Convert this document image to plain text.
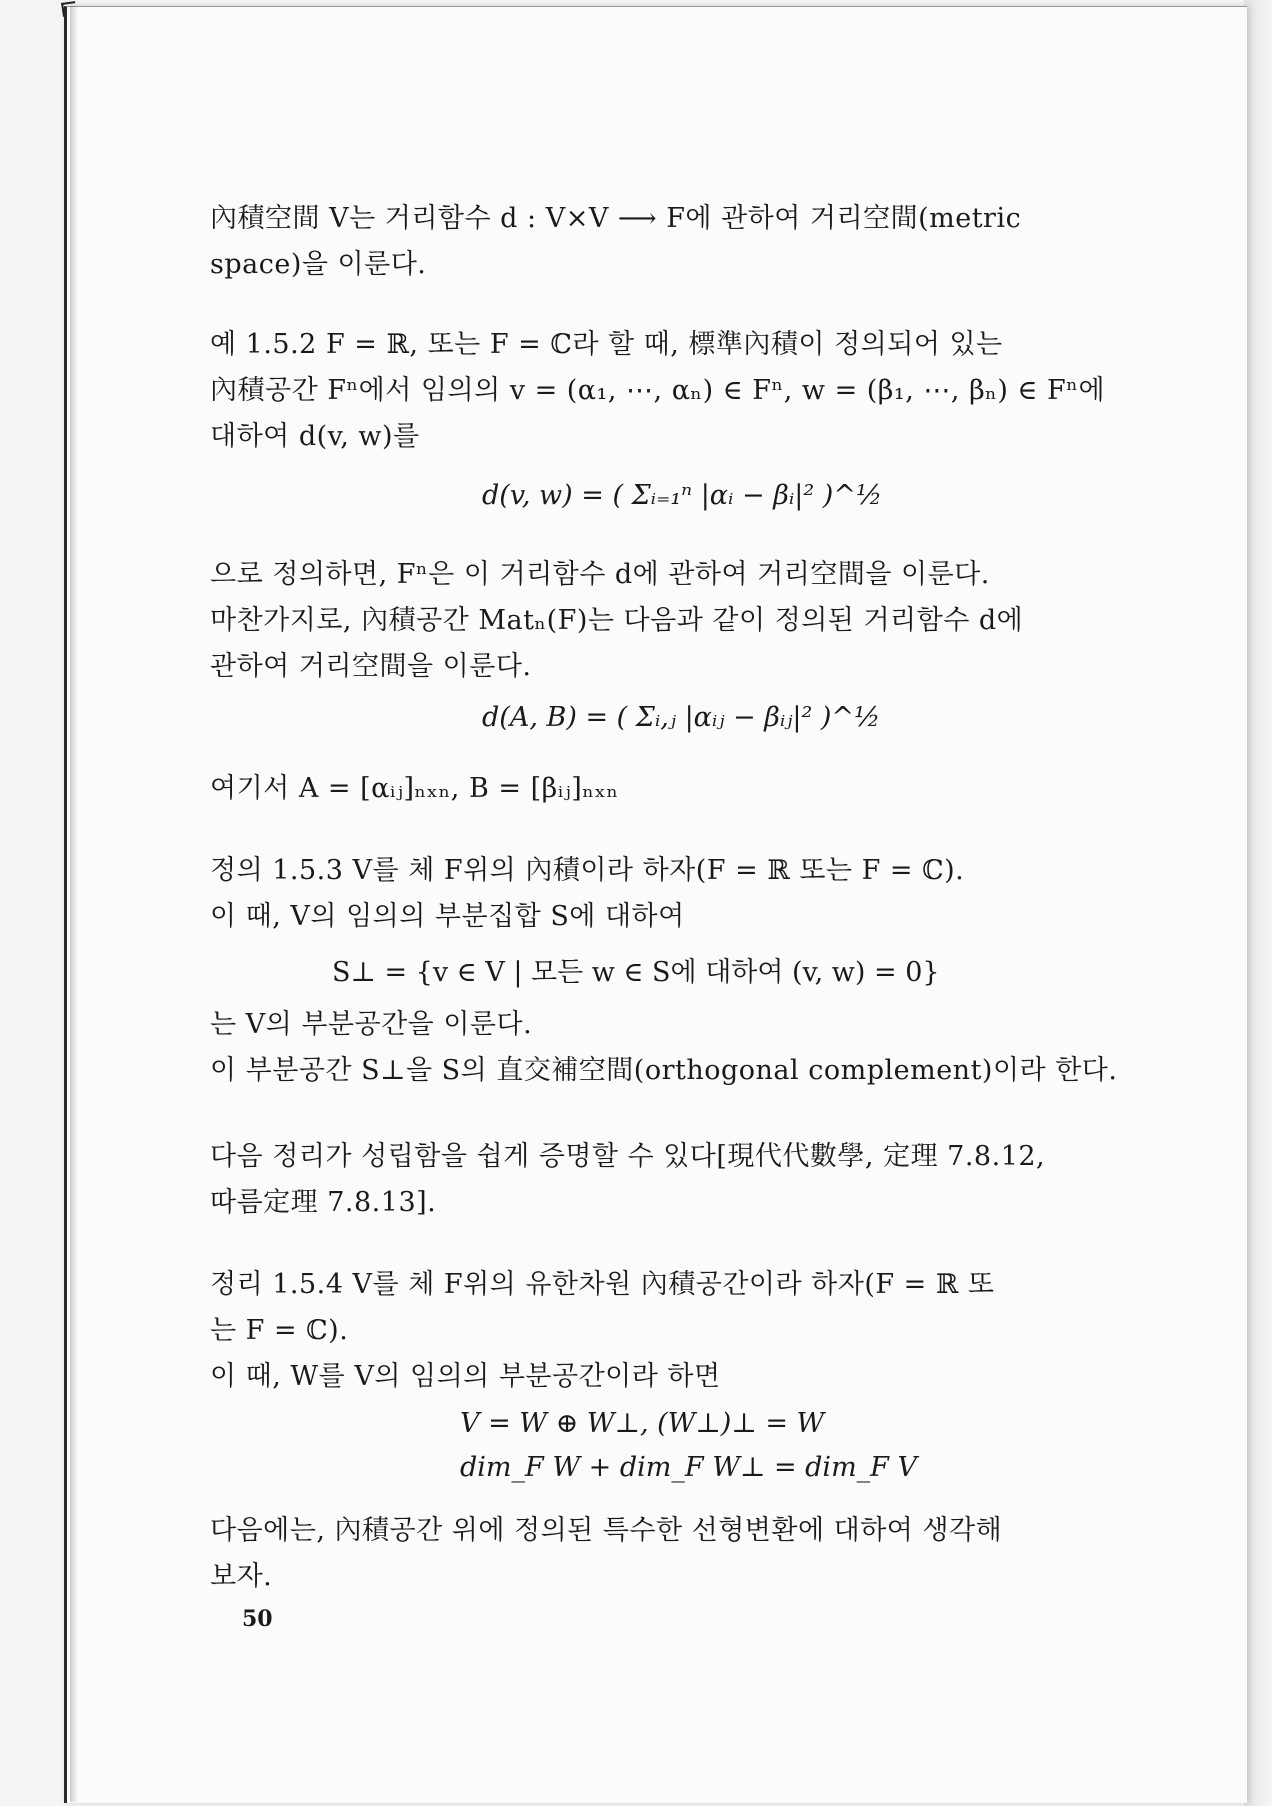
內積空間 V는 거리함수 d : V×V ⟶ F에 관하여 거리空間(metric
space)을 이룬다.
예 1.5.2 F = ℝ, 또는 F = ℂ라 할 때, 標準內積이 정의되어 있는
內積공간 Fⁿ에서 임의의 v = (α₁, ⋯, αₙ) ∈ Fⁿ, w = (β₁, ⋯, βₙ) ∈ Fⁿ에
대하여 d(v, w)를
d(v, w) = ( Σᵢ₌₁ⁿ |αᵢ − βᵢ|² )^½
으로 정의하면, Fⁿ은 이 거리함수 d에 관하여 거리空間을 이룬다.
마찬가지로, 內積공간 Matₙ(F)는 다음과 같이 정의된 거리함수 d에
관하여 거리空間을 이룬다.
d(A, B) = ( Σᵢ,ⱼ |αᵢⱼ − βᵢⱼ|² )^½
여기서 A = [αᵢⱼ]ₙₓₙ, B = [βᵢⱼ]ₙₓₙ
정의 1.5.3 V를 체 F위의 內積이라 하자(F = ℝ 또는 F = ℂ).
이 때, V의 임의의 부분집합 S에 대하여
S⊥ = {v ∈ V | 모든 w ∈ S에 대하여 (v, w) = 0}
는 V의 부분공간을 이룬다.
이 부분공간 S⊥을 S의 直交補空間(orthogonal complement)이라 한다.
다음 정리가 성립함을 쉽게 증명할 수 있다[現代代數學, 定理 7.8.12,
따름定理 7.8.13].
정리 1.5.4 V를 체 F위의 유한차원 內積공간이라 하자(F = ℝ 또
는 F = ℂ).
이 때, W를 V의 임의의 부분공간이라 하면
V = W ⊕ W⊥, (W⊥)⊥ = W
dim_F W + dim_F W⊥ = dim_F V
다음에는, 內積공간 위에 정의된 특수한 선형변환에 대하여 생각해
보자.
50
